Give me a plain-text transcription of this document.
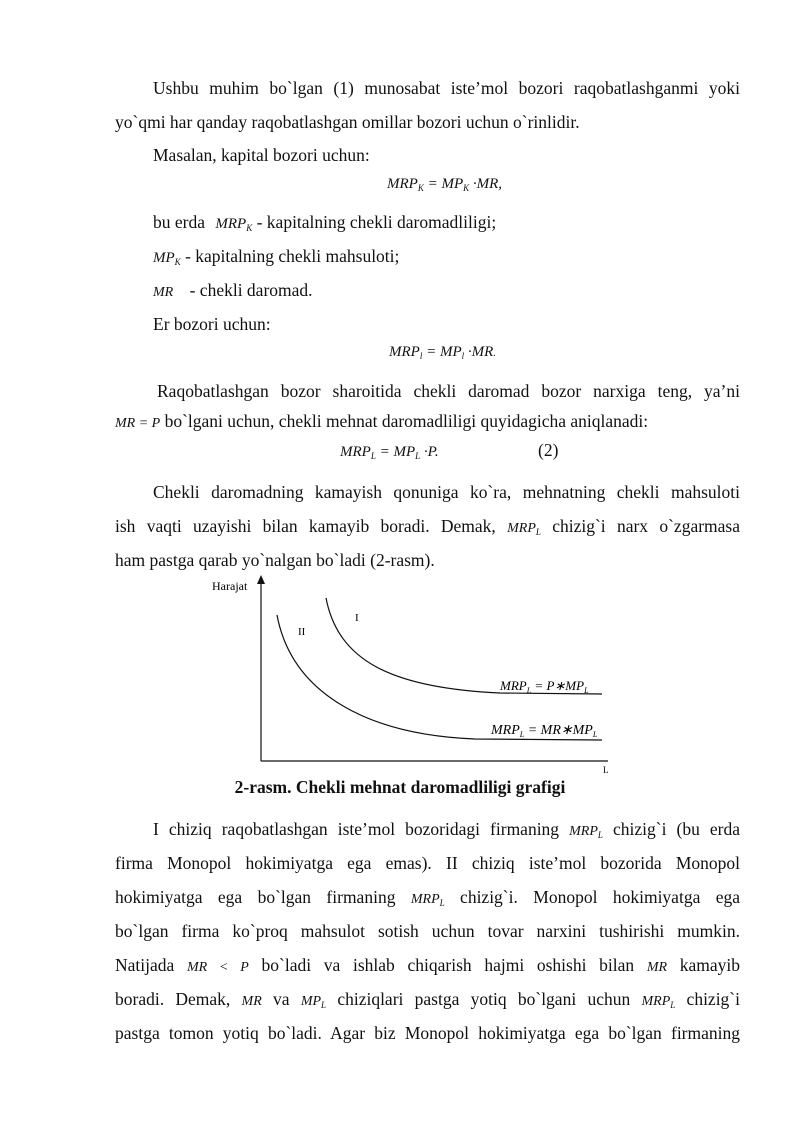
Ushbu muhim bo`lgan (1) munosabat iste’mol bozori raqobatlashganmi yoki
yo`qmi har qanday raqobatlashgan omillar bozori uchun o`rinlidir.
Masalan, kapital bozori uchun:
$MRP_K = MP_K \cdot MR$,
bu erda $MRP_K$ - kapitalning chekli daromadliligi;
$MP_K$ - kapitalning chekli mahsuloti;
MR - chekli daromad.
Er bozori uchun:
$MRP_l = MP_l \cdot MR$.
Raqobatlashgan bozor sharoitida chekli daromad bozor narxiga teng, ya’ni
MR = P bo`lgani uchun, chekli mehnat daromadliligi quyidagicha aniqlanadi:
$MRP_L = MP_L \cdot P$.	(2)
Chekli daromadning kamayish qonuniga ko`ra, mehnatning chekli mahsuloti
ish vaqti uzayishi bilan kamayib boradi. Demak, $MRP_L$ chizig`i narx o`zgarmasa
ham pastga qarab yo`nalgan bo`ladi (2-rasm).
Harajat
L
I
II
$MRP_L$ = $P∗MP_L$
$MRP_L$ = $MR∗MP_L$
2-rasm. Chekli mehnat daromadliligi grafigi
I chiziq raqobatlashgan iste’mol bozoridagi firmaning $MRP_L$ chizig`i (bu erda
firma Monopol hokimiyatga ega emas). II chiziq iste’mol bozorida Monopol
hokimiyatga ega bo`lgan firmaning $MRP_L$ chizig`i. Monopol hokimiyatga ega
bo`lgan firma ko`proq mahsulot sotish uchun tovar narxini tushirishi mumkin.
Natijada MR < P bo`ladi va ishlab chiqarish hajmi oshishi bilan MR kamayib
boradi. Demak, MR va $MP_L$ chiziqlari pastga yotiq bo`lgani uchun $MRP_L$ chizig`i
pastga tomon yotiq bo`ladi. Agar biz Monopol hokimiyatga ega bo`lgan firmaning
